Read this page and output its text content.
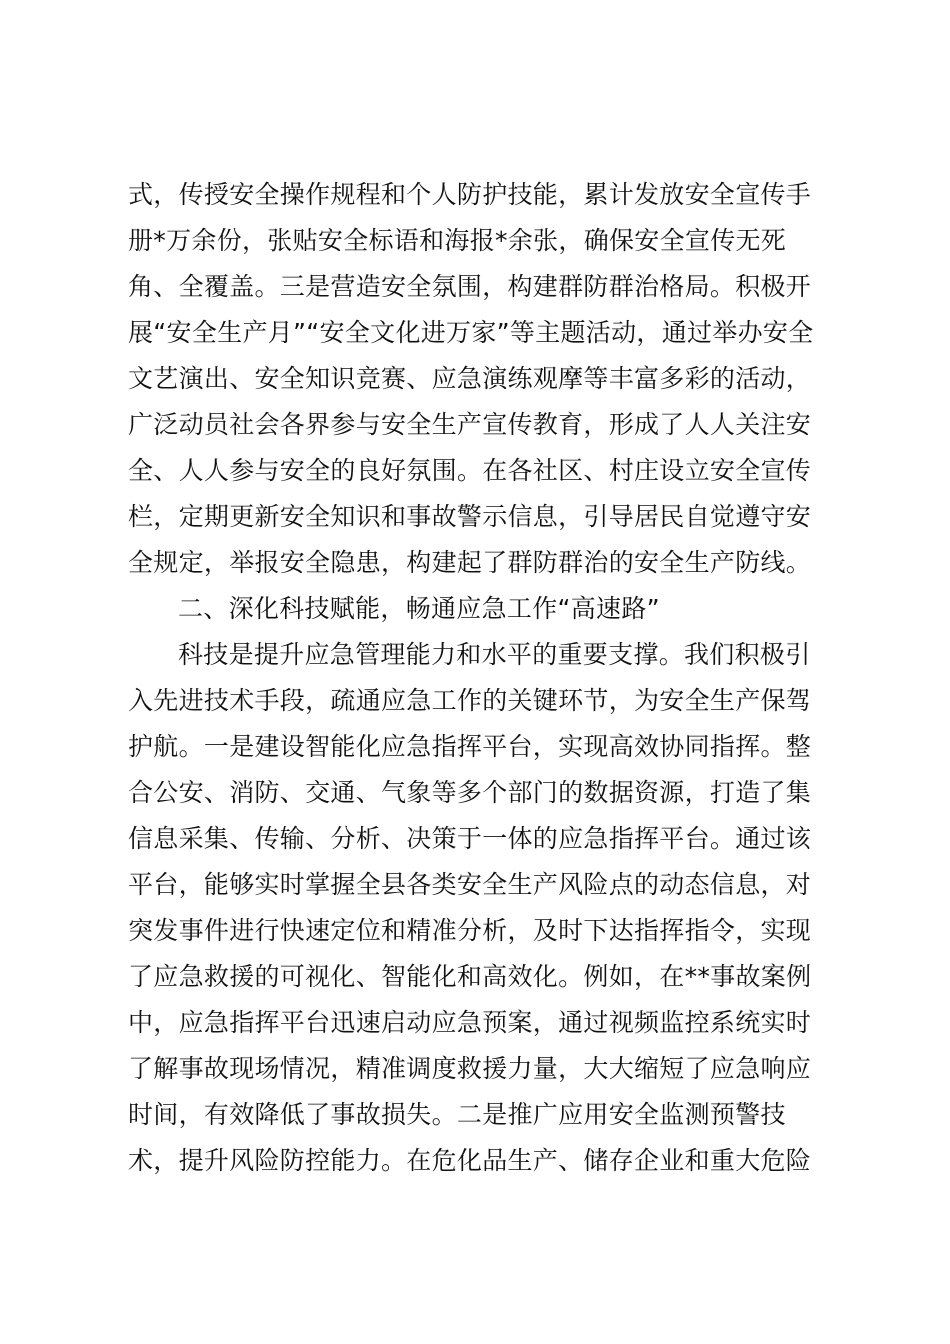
式，传授安全操作规程和个人防护技能，累计发放安全宣传手
册*万余份，张贴安全标语和海报*余张，确保安全宣传无死
角、全覆盖。三是营造安全氛围，构建群防群治格局。积极开
展“安全生产月”“安全文化进万家”等主题活动，通过举办安全
文艺演出、安全知识竞赛、应急演练观摩等丰富多彩的活动，
广泛动员社会各界参与安全生产宣传教育，形成了人人关注安
全、人人参与安全的良好氛围。在各社区、村庄设立安全宣传
栏，定期更新安全知识和事故警示信息，引导居民自觉遵守安
全规定，举报安全隐患，构建起了群防群治的安全生产防线。
二、深化科技赋能，畅通应急工作“高速路”
科技是提升应急管理能力和水平的重要支撑。我们积极引
入先进技术手段，疏通应急工作的关键环节，为安全生产保驾
护航。一是建设智能化应急指挥平台，实现高效协同指挥。整
合公安、消防、交通、气象等多个部门的数据资源，打造了集
信息采集、传输、分析、决策于一体的应急指挥平台。通过该
平台，能够实时掌握全县各类安全生产风险点的动态信息，对
突发事件进行快速定位和精准分析，及时下达指挥指令，实现
了应急救援的可视化、智能化和高效化。例如，在**事故案例
中，应急指挥平台迅速启动应急预案，通过视频监控系统实时
了解事故现场情况，精准调度救援力量，大大缩短了应急响应
时间，有效降低了事故损失。二是推广应用安全监测预警技
术，提升风险防控能力。在危化品生产、储存企业和重大危险
